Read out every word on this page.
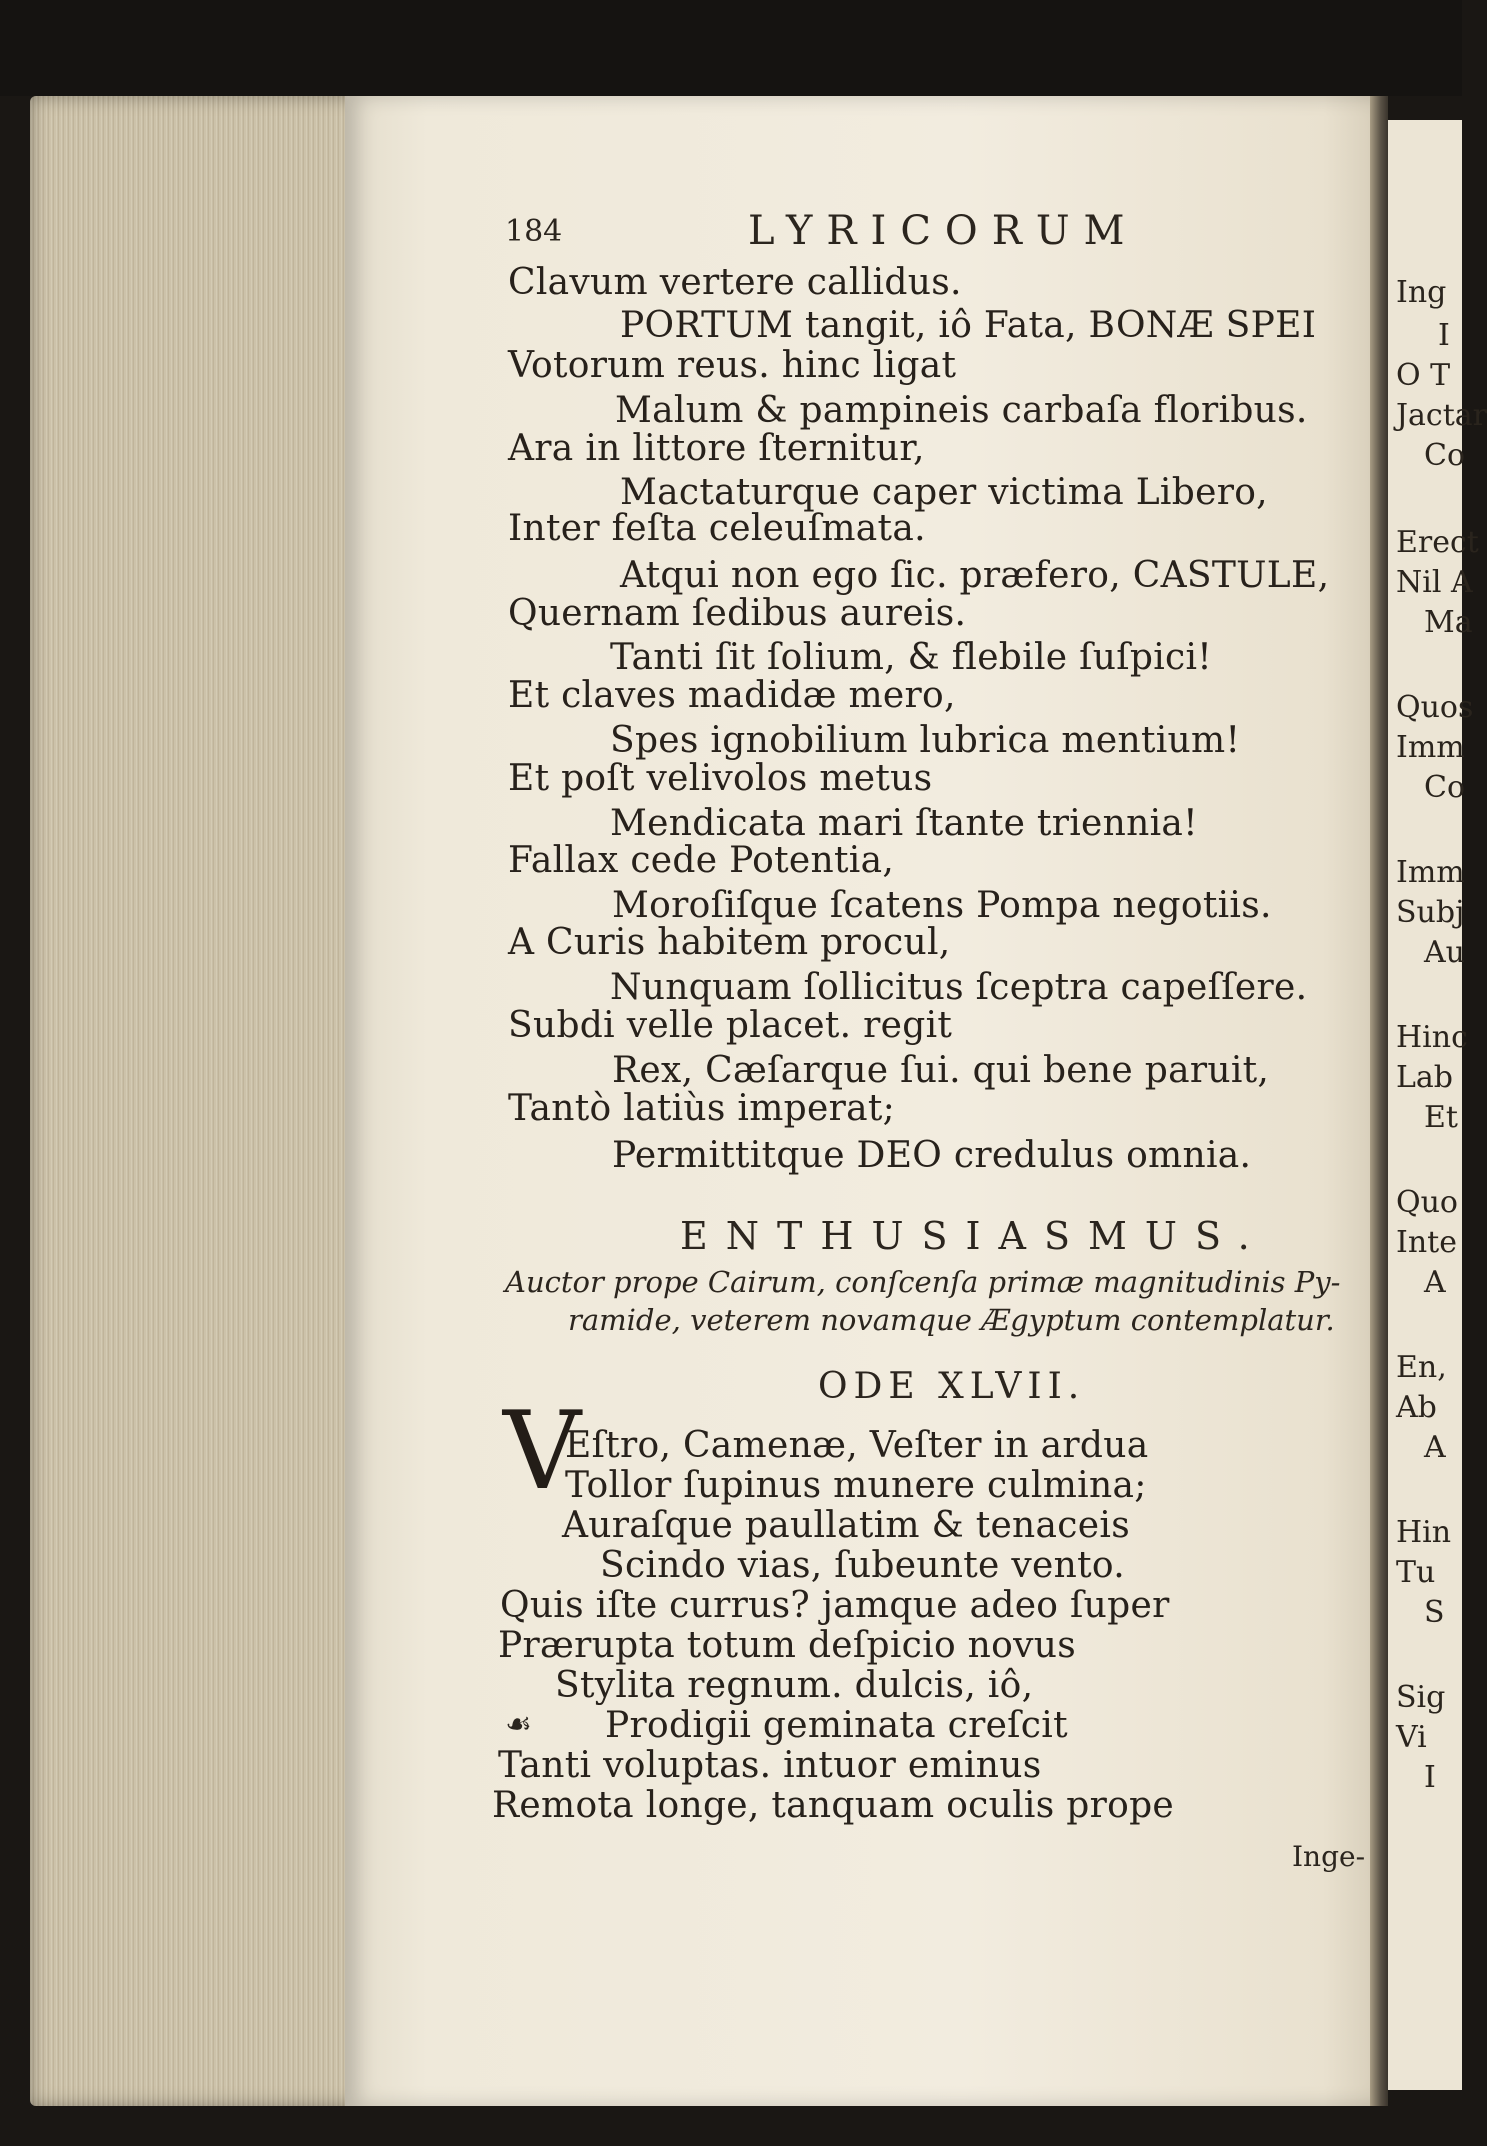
Ing
I
O T
Jactar
Co
Erect
Nil A
Ma
Quos
Imm
Co
Imm
Subj
Au
Hinc
Lab
Et
Quo
Inte
A
En,
Ab
A
Hin
Tu
S
Sig
Vi
I
184	LYRICORUM
Clavum vertere callidus.
PORTUM tangit, iô Fata, BONÆ SPEI
Votorum reus. hinc ligat
Malum & pampineis carbaſa floribus.
Ara in littore ſternitur,
Mactaturque caper victima Libero,
Inter feſta celeuſmata.
Atqui non ego ſic. præfero, CASTULE,
Quernam ſedibus aureis.
Tanti ſit ſolium, & flebile ſuſpici!
Et claves madidæ mero,
Spes ignobilium lubrica mentium!
Et poſt velivolos metus
Mendicata mari ſtante triennia!
Fallax cede Potentia,
Moroſiſque ſcatens Pompa negotiis.
A Curis habitem procul,
Nunquam ſollicitus ſceptra capeſſere.
Subdi velle placet. regit
Rex, Cæſarque ſui. qui bene paruit,
Tantò latiùs imperat;
Permittitque DEO credulus omnia.
ENTHUSIASMUS.
Auctor prope Cairum, conſcenſa primæ magnitudinis Py-
ramide, veterem novamque Ægyptum contemplatur.
ODE XLVII.
V
Eſtro, Camenæ, Veſter in ardua
Tollor ſupinus munere culmina;
Auraſque paullatim & tenaceis
Scindo vias, ſubeunte vento.
Quis iſte currus? jamque adeo ſuper
Prærupta totum deſpicio novus
Stylita regnum. dulcis, iô,
☙ Prodigii geminata creſcit
Tanti voluptas. intuor eminus
Remota longe, tanquam oculis prope
Inge-
